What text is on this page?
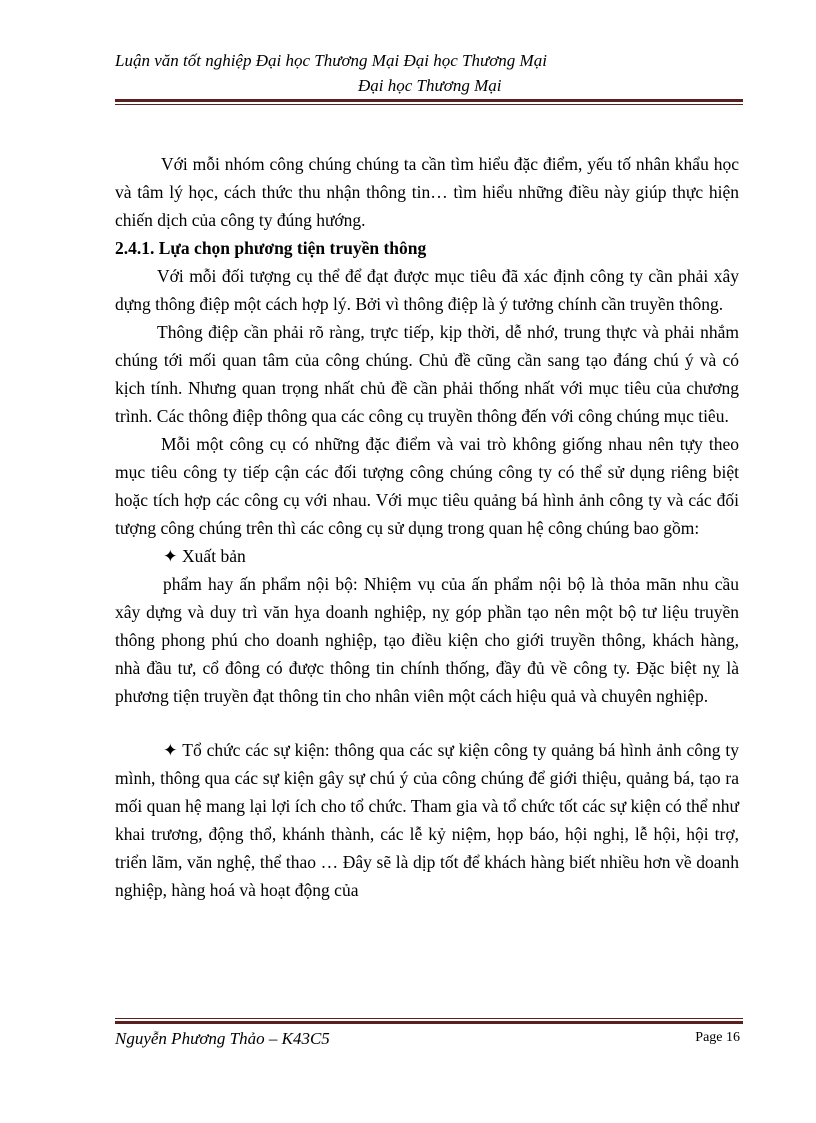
Luận văn tốt nghiệp Đại học Thương Mại Đại học Thương Mại
Đại học Thương Mại

Với mỗi nhóm công chúng chúng ta cần tìm hiểu đặc điểm, yếu tố nhân khẩu học và tâm lý học, cách thức thu nhận thông tin… tìm hiểu những điều này giúp thực hiện chiến dịch của công ty đúng hướng.

2.4.1. Lựa chọn phương tiện truyền thông

Với mỗi đối tượng cụ thể để đạt được mục tiêu đã xác định công ty cần phải xây dựng thông điệp một cách hợp lý. Bởi vì thông điệp là ý tưởng chính cần truyền thông.

Thông điệp cần phải rõ ràng, trực tiếp, kịp thời, dễ nhớ, trung thực và phải nhắm chúng tới mối quan tâm của công chúng. Chủ đề cũng cần sang tạo đáng chú ý và có kịch tính. Nhưng quan trọng nhất chủ đề cần phải thống nhất với mục tiêu của chương trình. Các thông điệp thông qua các công cụ truyền thông đến với công chúng mục tiêu.

Mỗi một công cụ có những đặc điểm và vai trò không giống nhau nên tựy theo mục tiêu công ty tiếp cận các đối tượng công chúng công ty có thể sử dụng riêng biệt hoặc tích hợp các công cụ với nhau. Với mục tiêu quảng bá hình ảnh công ty và các đối tượng công chúng trên thì các công cụ sử dụng trong quan hệ công chúng bao gồm:

✦ Xuất bản

phẩm hay ấn phẩm nội bộ: Nhiệm vụ của ấn phẩm nội bộ là thỏa mãn nhu cầu xây dựng và duy trì văn hỵa doanh nghiệp, nỵ góp phần tạo nên một bộ tư liệu truyền thông phong phú cho doanh nghiệp, tạo điều kiện cho giới truyền thông, khách hàng, nhà đầu tư, cổ đông có được thông tin chính thống, đầy đủ về công ty. Đặc biệt nỵ là phương tiện truyền đạt thông tin cho nhân viên một cách hiệu quả và chuyên nghiệp.

✦ Tổ chức các sự kiện: thông qua các sự kiện công ty quảng bá hình ảnh công ty mình, thông qua các sự kiện gây sự chú ý của công chúng để giới thiệu, quảng bá, tạo ra mối quan hệ mang lại lợi ích cho tổ chức. Tham gia và tổ chức tốt các sự kiện có thể như khai trương, động thổ, khánh thành, các lễ kỷ niệm, họp báo, hội nghị, lễ hội, hội trợ, triển lãm, văn nghệ, thể thao … Đây sẽ là dịp tốt để khách hàng biết nhiều hơn về doanh nghiệp, hàng hoá và hoạt động của

Nguyễn Phương Thảo – K43C5	Page 16
